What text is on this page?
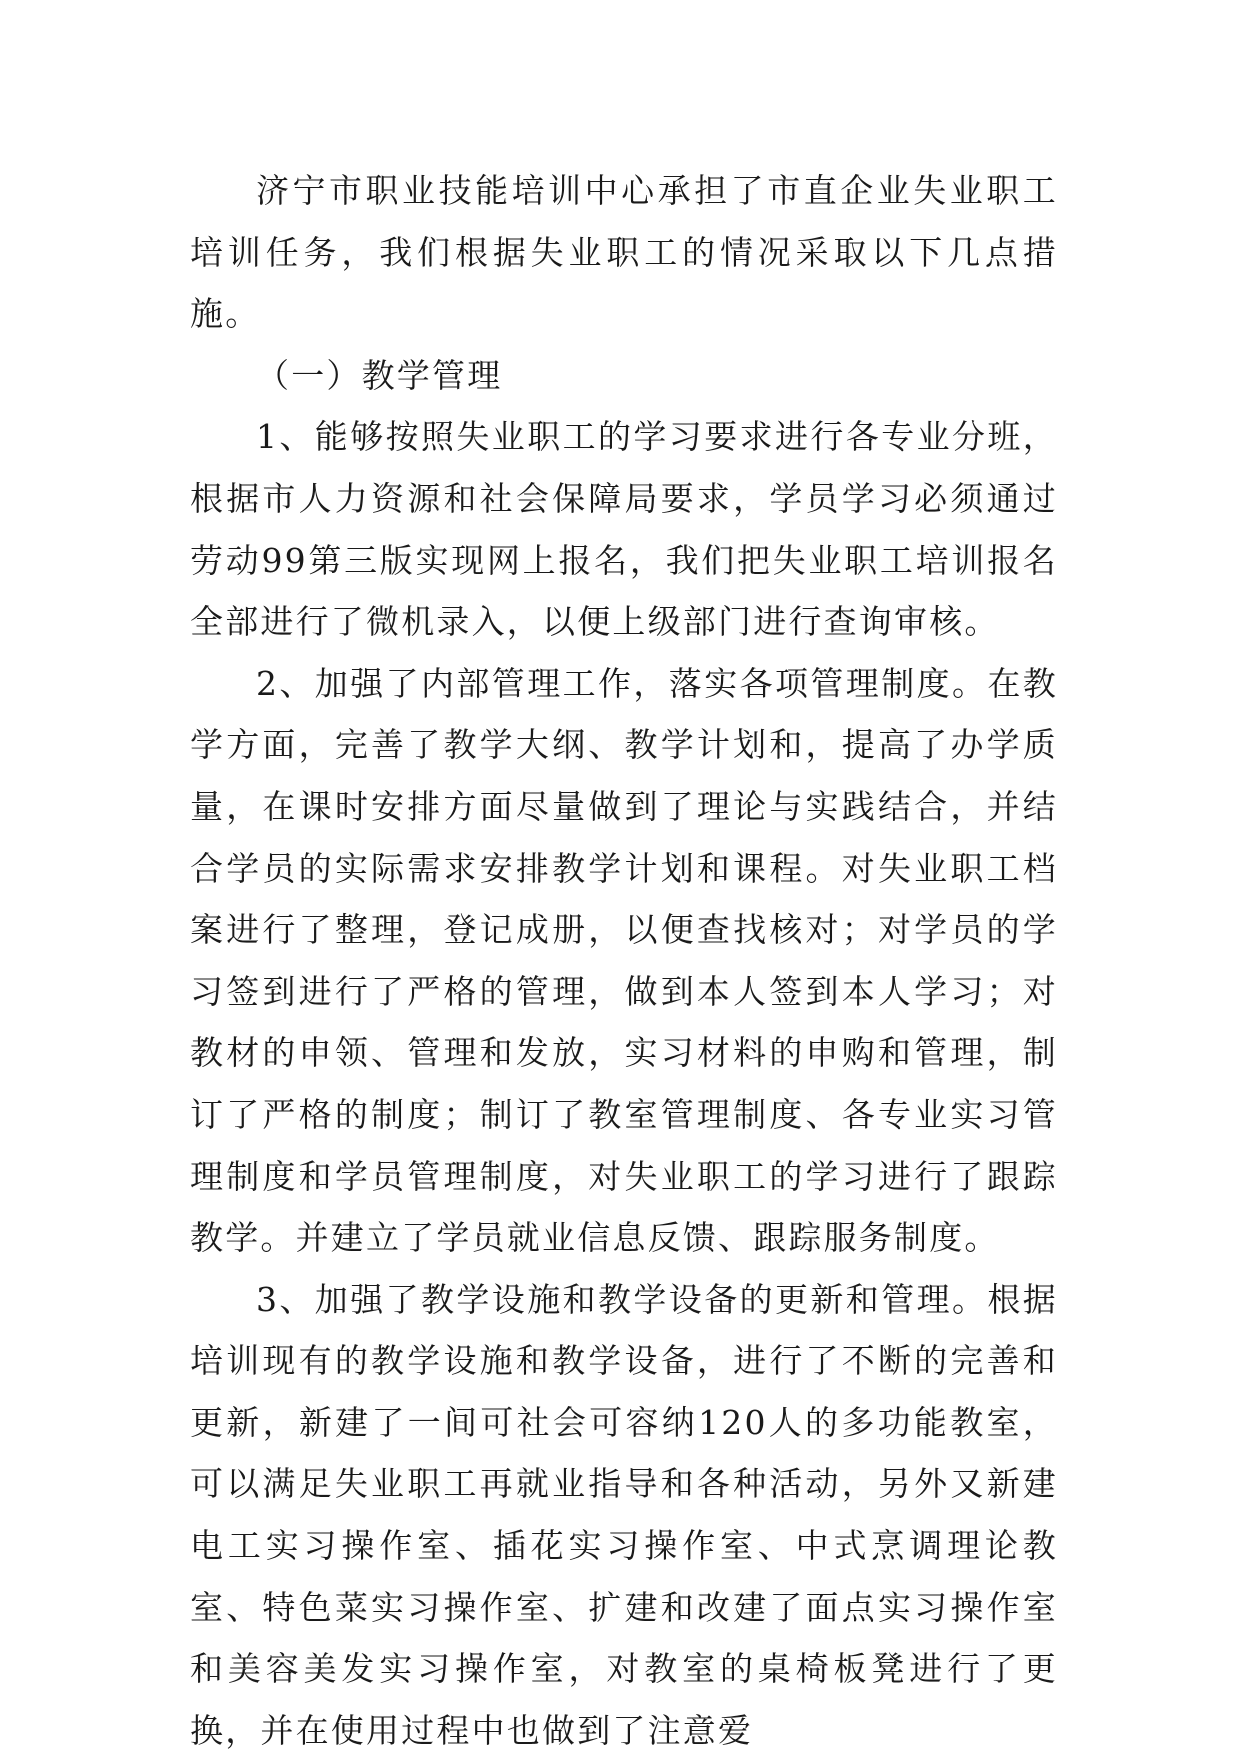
济宁市职业技能培训中心承担了市直企业失业职工培训任务，我们根据失业职工的情况采取以下几点措施。

（一）教学管理

1、能够按照失业职工的学习要求进行各专业分班，根据市人力资源和社会保障局要求，学员学习必须通过劳动99第三版实现网上报名，我们把失业职工培训报名全部进行了微机录入，以便上级部门进行查询审核。

2、加强了内部管理工作，落实各项管理制度。在教学方面，完善了教学大纲、教学计划和，提高了办学质量，在课时安排方面尽量做到了理论与实践结合，并结合学员的实际需求安排教学计划和课程。对失业职工档案进行了整理，登记成册，以便查找核对；对学员的学习签到进行了严格的管理，做到本人签到本人学习；对教材的申领、管理和发放，实习材料的申购和管理，制订了严格的制度；制订了教室管理制度、各专业实习管理制度和学员管理制度，对失业职工的学习进行了跟踪教学。并建立了学员就业信息反馈、跟踪服务制度。

3、加强了教学设施和教学设备的更新和管理。根据培训现有的教学设施和教学设备，进行了不断的完善和更新，新建了一间可社会可容纳120人的多功能教室，可以满足失业职工再就业指导和各种活动，另外又新建电工实习操作室、插花实习操作室、中式烹调理论教室、特色菜实习操作室、扩建和改建了面点实习操作室和美容美发实习操作室，对教室的桌椅板凳进行了更换，并在使用过程中也做到了注意爱
